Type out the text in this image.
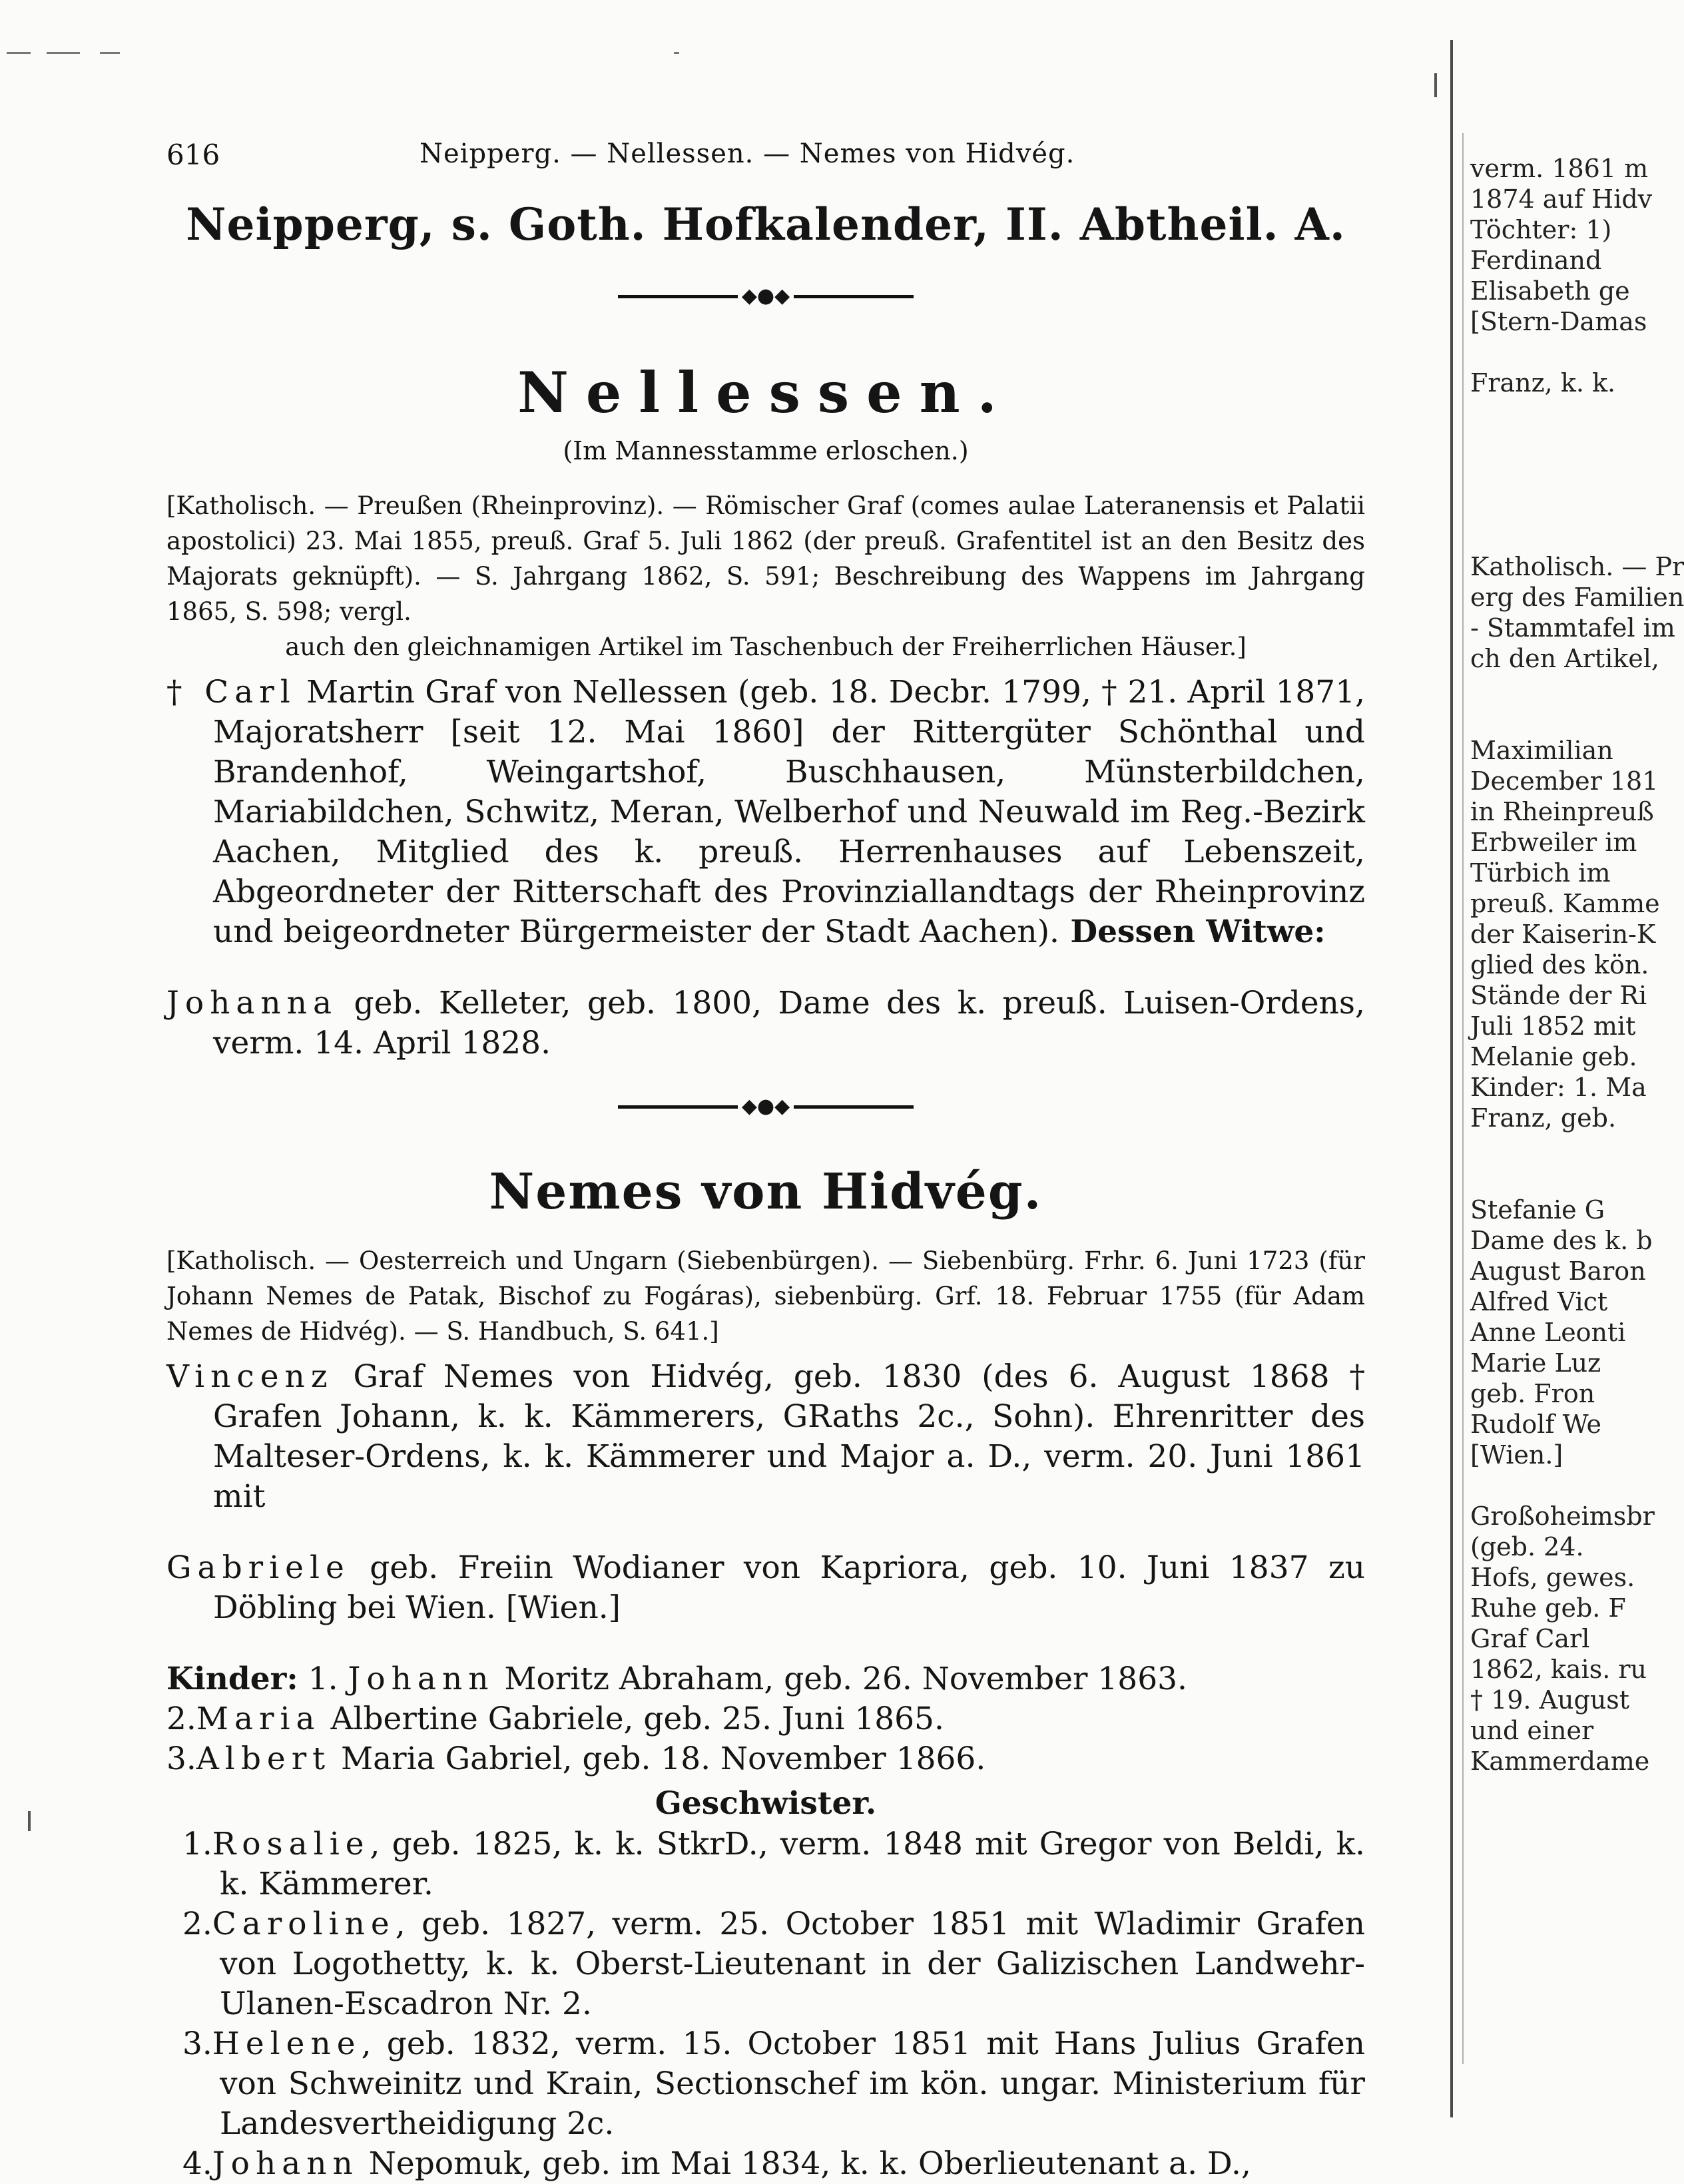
616	Neipperg. — Nellessen. — Nemes von Hidvég.
Neipperg, s. Goth. Hofkalender, II. Abtheil. A.
◆●◆
Nellessen.
(Im Mannesstamme erloschen.)
[Katholisch. — Preußen (Rheinprovinz). — Römischer Graf (comes aulae Lateranensis et Palatii apostolici) 23. Mai 1855, preuß. Graf 5. Juli 1862 (der preuß. Grafentitel ist an den Besitz des Majorats geknüpft). — S. Jahrgang 1862, S. 591; Beschreibung des Wappens im Jahrgang 1865, S. 598; vergl.
auch den gleichnamigen Artikel im Taschenbuch der Freiherrlichen Häuser.]

† Carl Martin Graf von Nellessen (geb. 18. Decbr. 1799, † 21. April 1871, Majoratsherr [seit 12. Mai 1860] der Rittergüter Schönthal und Brandenhof, Weingartshof, Buschhausen, Münsterbildchen, Mariabildchen, Schwitz, Meran, Welberhof und Neuwald im Reg.-Bezirk Aachen, Mitglied des k. preuß. Herrenhauses auf Lebenszeit, Abgeordneter der Ritterschaft des Provinziallandtags der Rheinprovinz und beigeordneter Bürgermeister der Stadt Aachen). Dessen Witwe:

Johanna geb. Kelleter, geb. 1800, Dame des k. preuß. Luisen-Ordens, verm. 14. April 1828.

◆●◆
Nemes von Hidvég.
[Katholisch. — Oesterreich und Ungarn (Siebenbürgen). — Siebenbürg. Frhr. 6. Juni 1723 (für Johann Nemes de Patak, Bischof zu Fogáras), siebenbürg. Grf. 18. Februar 1755 (für Adam Nemes de Hidvég). — S. Handbuch, S. 641.]

Vincenz Graf Nemes von Hidvég, geb. 1830 (des 6. August 1868 † Grafen Johann, k. k. Kämmerers, GRaths 2c., Sohn). Ehrenritter des Malteser-Ordens, k. k. Kämmerer und Major a. D., verm. 20. Juni 1861 mit

Gabriele geb. Freiin Wodianer von Kapriora, geb. 10. Juni 1837 zu Döbling bei Wien. [Wien.]

Kinder: 1. Johann Moritz Abraham, geb. 26. November 1863.

2.Maria Albertine Gabriele, geb. 25. Juni 1865.

3.Albert Maria Gabriel, geb. 18. November 1866.

Geschwister.

1.Rosalie, geb. 1825, k. k. StkrD., verm. 1848 mit Gregor von Beldi, k. k. Kämmerer.

2.Caroline, geb. 1827, verm. 25. October 1851 mit Wladimir Grafen von Logothetty, k. k. Oberst-Lieutenant in der Galizischen Landwehr-Ulanen-Escadron Nr. 2.

3.Helene, geb. 1832, verm. 15. October 1851 mit Hans Julius Grafen von Schweinitz und Krain, Sectionschef im kön. ungar. Ministerium für Landesvertheidigung 2c.

4.Johann Nepomuk, geb. im Mai 1834, k. k. Oberlieutenant a. D.,

verm. 1861 m
1874 auf Hidv
Töchter: 1)
Ferdinand
Elisabeth ge
[Stern-Damas
Franz, k. k.
Katholisch. — Pr
erg des Familien
- Stammtafel im
ch den Artikel,
Maximilian
December 181
in Rheinpreuß
Erbweiler im
Türbich im
preuß. Kamme
der Kaiserin-K
glied des kön.
Stände der Ri
Juli 1852 mit
Melanie geb.
Kinder: 1. Ma
Franz, geb.
Stefanie G
Dame des k. b
August Baron
Alfred Vict
Anne Leonti
Marie Luz
geb. Fron
Rudolf We
[Wien.]
Großoheimsbr
(geb. 24.
Hofs, gewes.
Ruhe geb. F
Graf Carl
1862, kais. ru
† 19. August
und einer
Kammerdame
